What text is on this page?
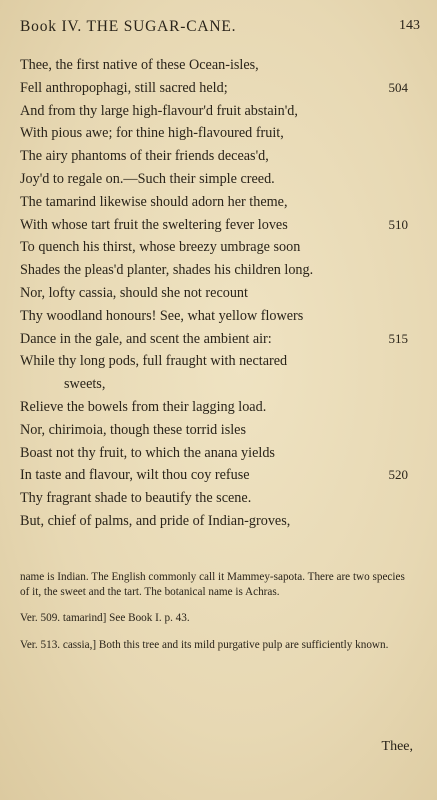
Book IV. THE SUGAR-CANE.	143
Thee, the first native of these Ocean-isles,
Fell anthropophagi, still sacred held;	504
And from thy large high-flavour'd fruit abstain'd,
With pious awe; for thine high-flavoured fruit,
The airy phantoms of their friends deceas'd,
Joy'd to regale on.—Such their simple creed.
The tamarind likewise should adorn her theme,
With whose tart fruit the sweltering fever loves	510
To quench his thirst, whose breezy umbrage soon
Shades the pleas'd planter, shades his children long.
Nor, lofty cassia, should she not recount
Thy woodland honours! See, what yellow flowers
Dance in the gale, and scent the ambient air:	515
While thy long pods, full fraught with nectared
sweets,
Relieve the bowels from their lagging load.
Nor, chirimoia, though these torrid isles
Boast not thy fruit, to which the anana yields
In taste and flavour, wilt thou coy refuse	520
Thy fragrant shade to beautify the scene.
But, chief of palms, and pride of Indian-groves,

name is Indian. The English commonly call it Mammey-sapota. There are two species of it, the sweet and the tart. The botanical name is Achras.

Ver. 509. tamarind] See Book I. p. 43.

Ver. 513. cassia,] Both this tree and its mild purgative pulp are sufficiently known.

Thee,
